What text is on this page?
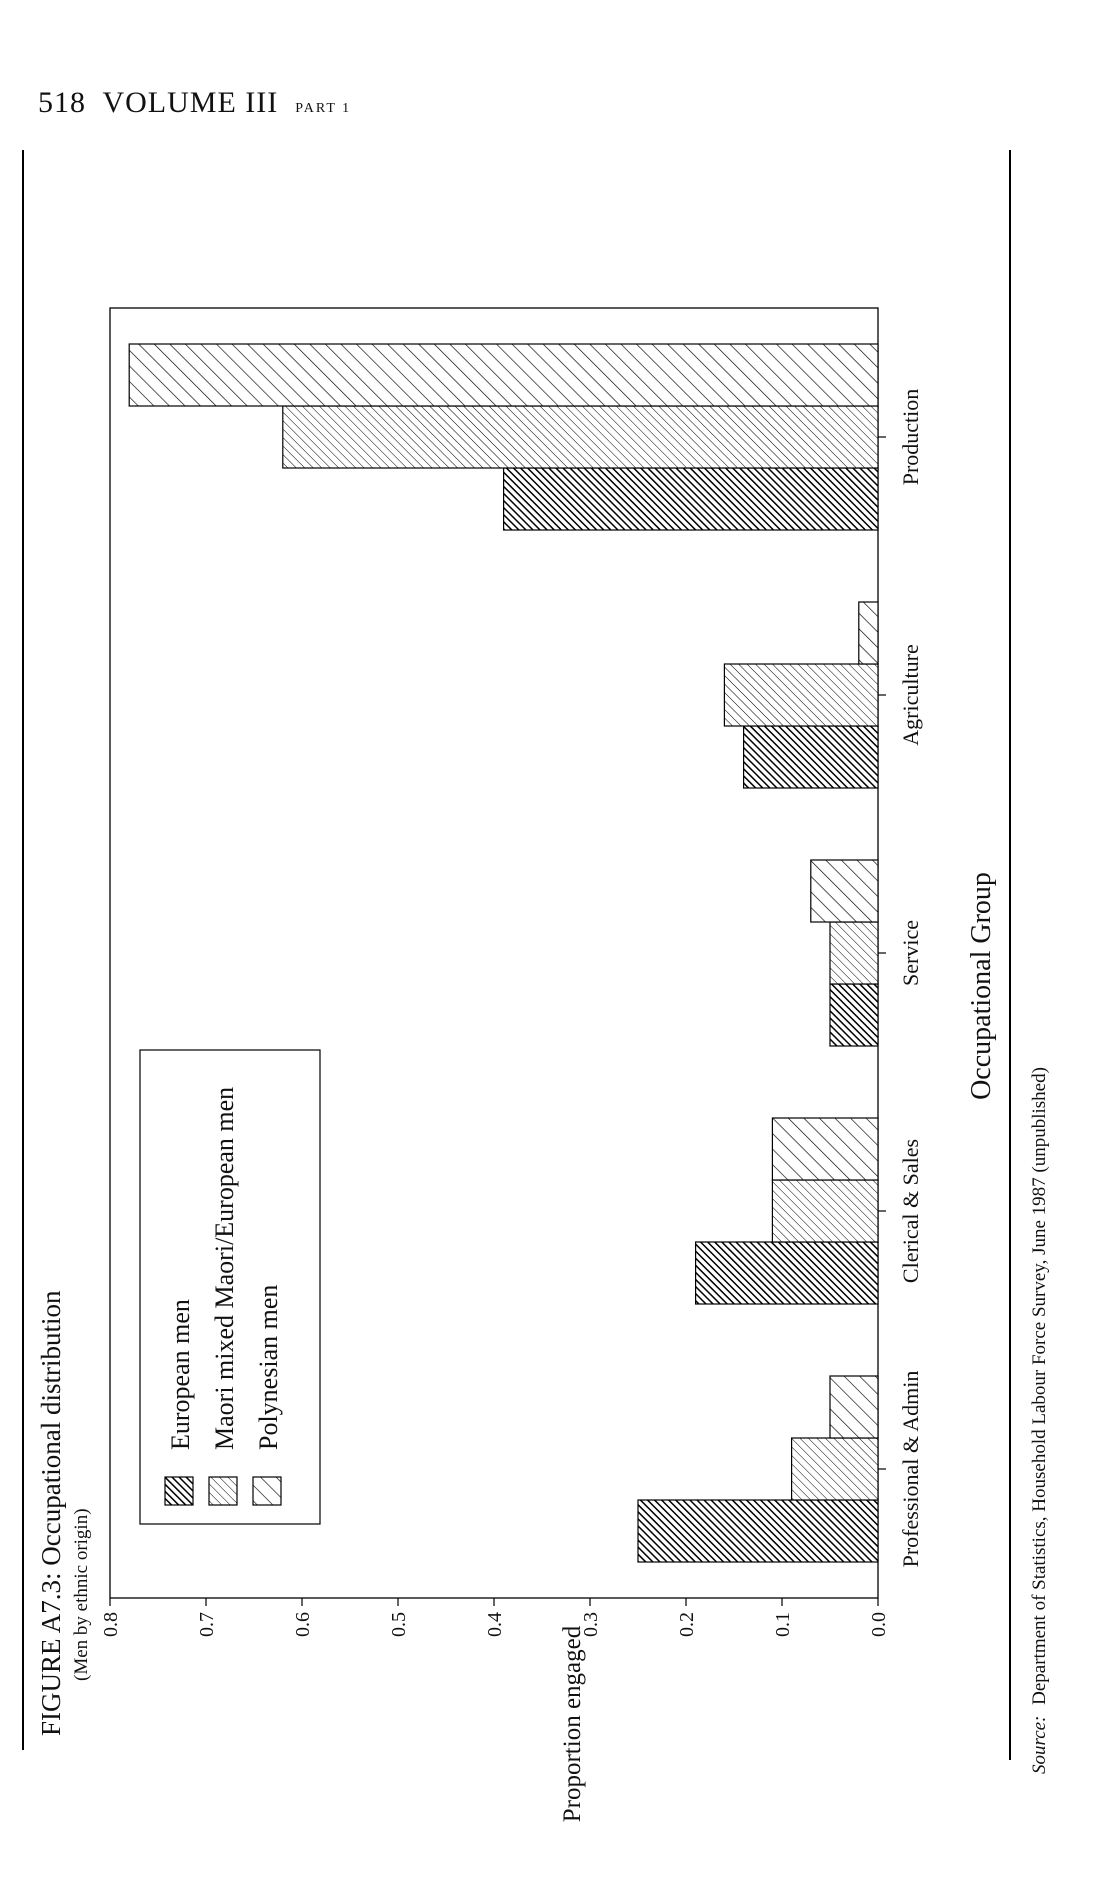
518 VOLUME III PART 1
FIGURE A7.3: Occupational distribution (Men by ethnic origin)	0.0
0.1
0.2
0.3
0.4
0.5
0.6
0.7
0.8
Professional & Admin
Clerical & Sales
Service
Agriculture
Production
European men Maori mixed Maori/European men Polynesian men
Proportion engaged
Occupational Group
Source: Department of Statistics, Household Labour Force Survey, June 1987 (unpublished)
